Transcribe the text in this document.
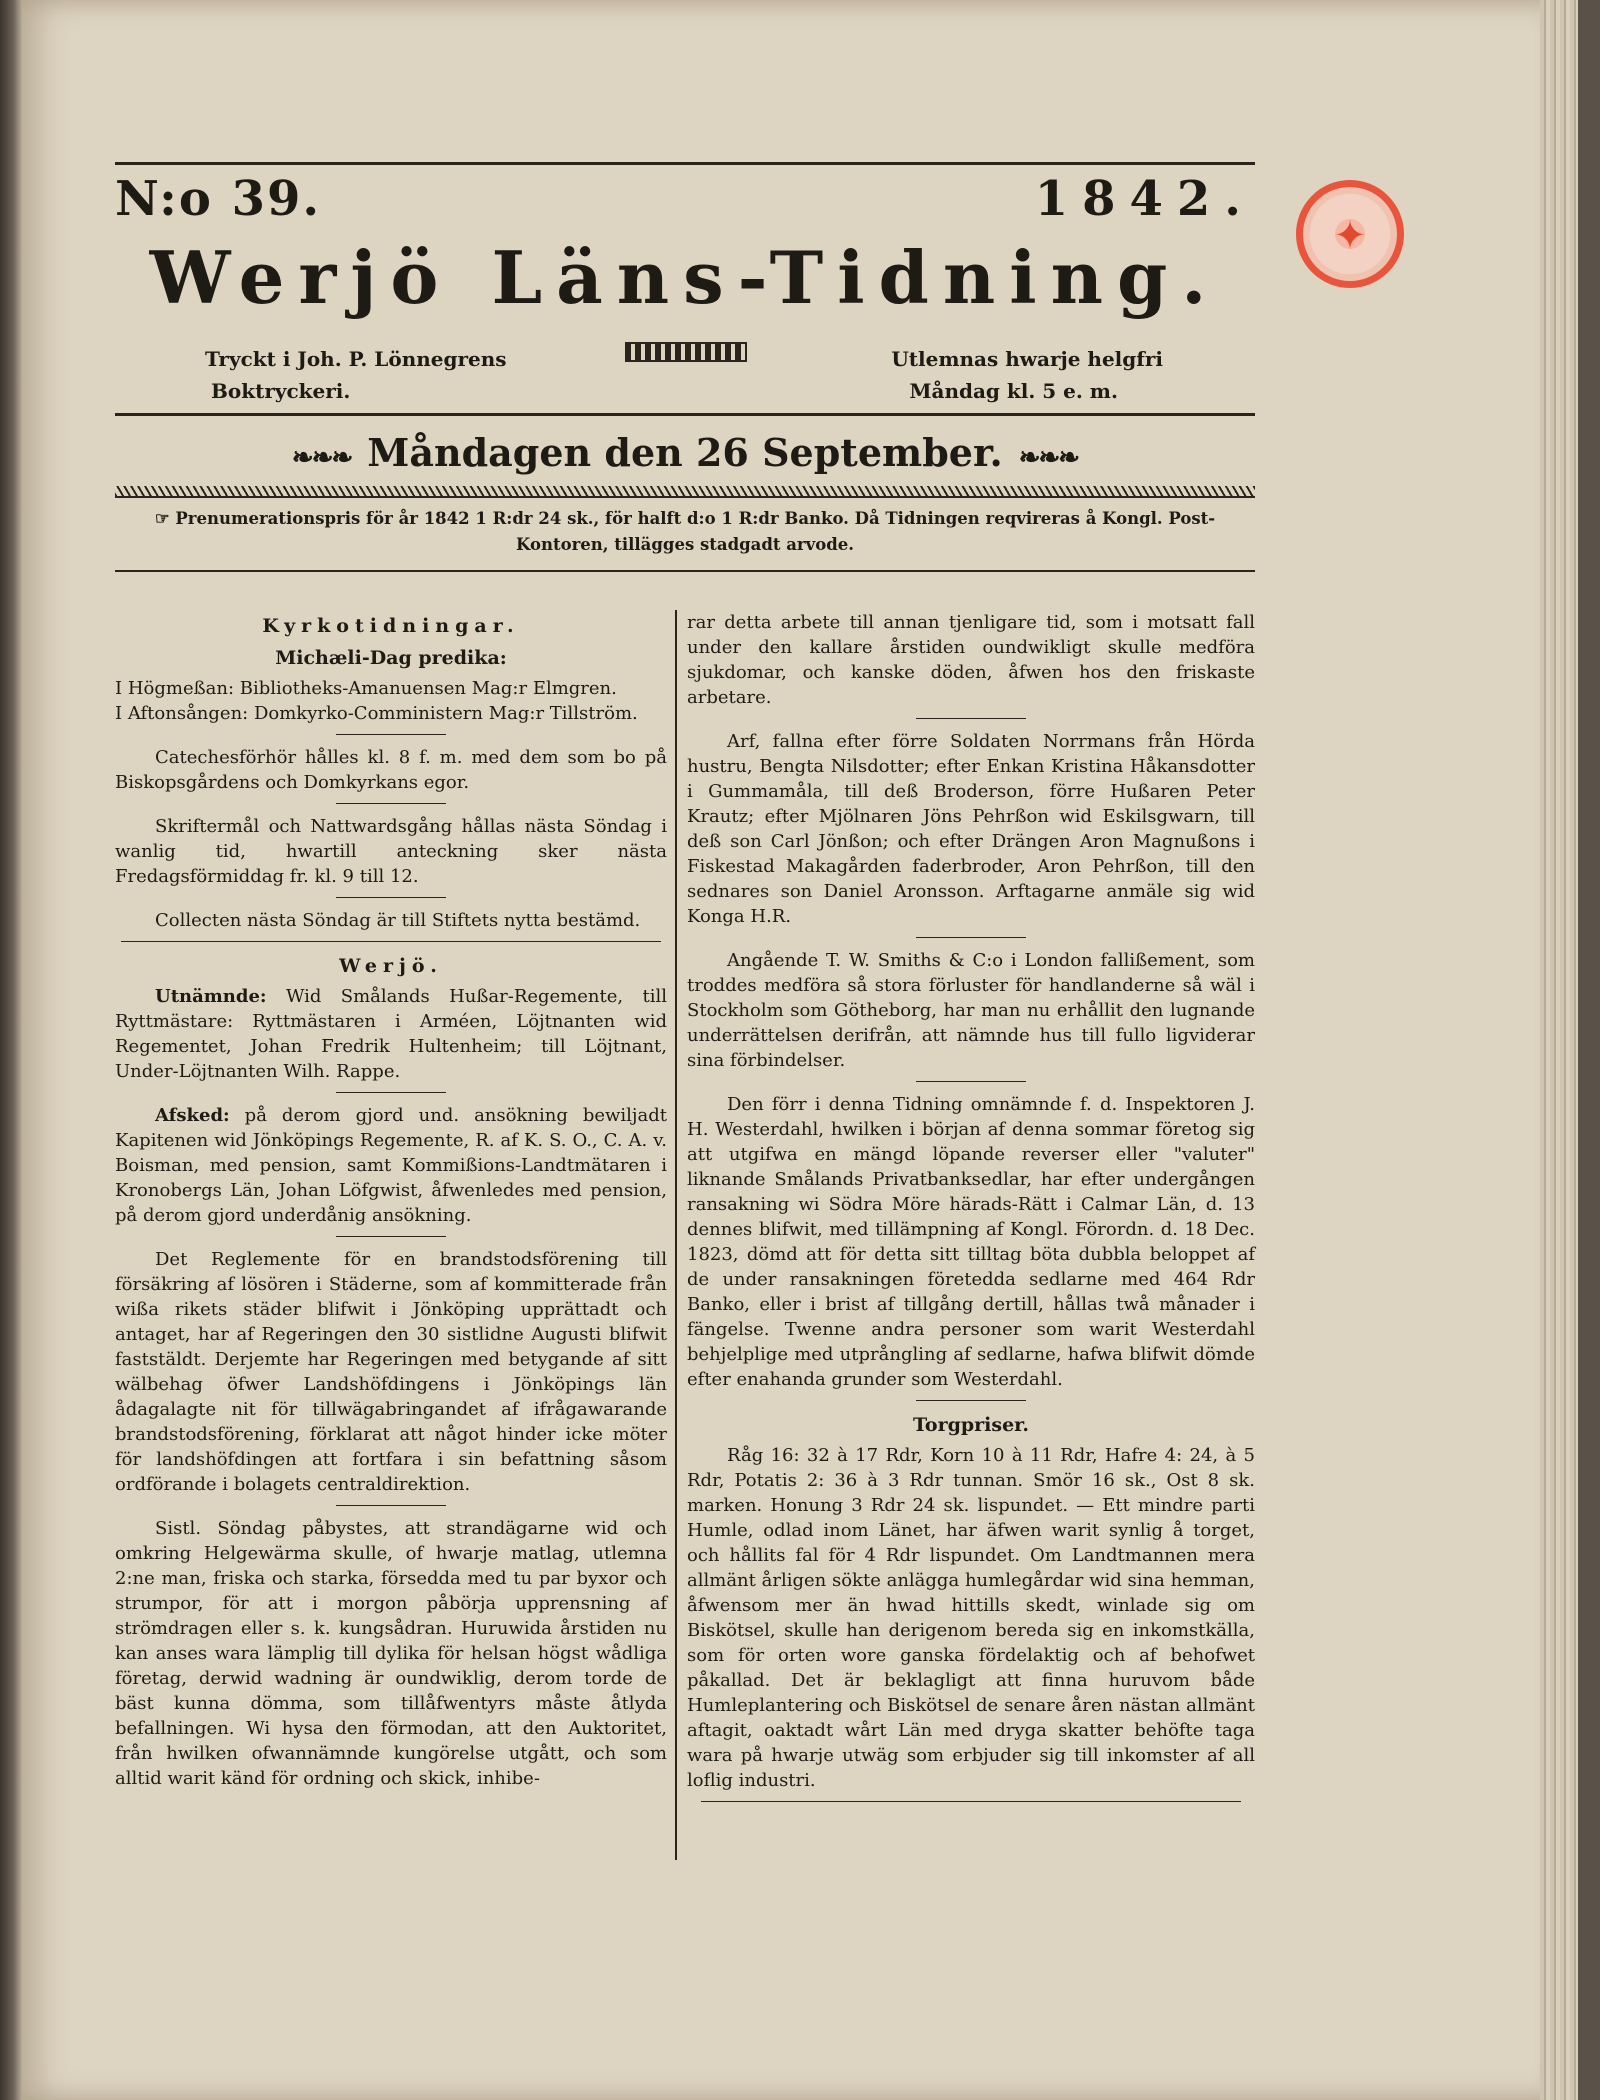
✦
N:o 39.	1842.
Werjö Läns-Tidning.
Tryckt i Joh. P. Lönnegrens
Boktryckeri.
Utlemnas hwarje helgfri
Måndag kl. 5 e. m.
❧❧❧ Måndagen den 26 September. ❧❧❧
☞ Prenumerationspris för år 1842 1 R:dr 24 sk., för halft d:o 1 R:dr Banko. Då Tidningen reqvireras å Kongl. Post-Kontoren, tillägges stadgadt arvode.
Kyrkotidningar.
Michæli-Dag predika:

I Högmeßan: Bibliotheks-Amanuensen Mag:r Elmgren.

I Aftonsången: Domkyrko-Comministern Mag:r Tillström.

Catechesförhör hålles kl. 8 f. m. med dem som bo på Biskopsgårdens och Domkyrkans egor.

Skriftermål och Nattwardsgång hållas nästa Söndag i wanlig tid, hwartill anteckning sker nästa Fredagsförmiddag fr. kl. 9 till 12.

Collecten nästa Söndag är till Stiftets nytta bestämd.

Werjö.

Utnämnde: Wid Smålands Hußar-Regemente, till Ryttmästare: Ryttmästaren i Arméen, Löjtnanten wid Regementet, Johan Fredrik Hultenheim; till Löjtnant, Under-Löjtnanten Wilh. Rappe.

Afsked: på derom gjord und. ansökning bewiljadt Kapitenen wid Jönköpings Regemente, R. af K. S. O., C. A. v. Boisman, med pension, samt Kommißions-Landtmätaren i Kronobergs Län, Johan Löfgwist, åfwenledes med pension, på derom gjord underdånig ansökning.

Det Reglemente för en brandstodsförening till försäkring af lösören i Städerne, som af kommitterade från wißa rikets städer blifwit i Jönköping upprättadt och antaget, har af Regeringen den 30 sistlidne Augusti blifwit faststäldt. Derjemte har Regeringen med betygande af sitt wälbehag öfwer Landshöfdingens i Jönköpings län ådagalagte nit för tillwägabringandet af ifrågawarande brandstodsförening, förklarat att något hinder icke möter för landshöfdingen att fortfara i sin befattning såsom ordförande i bolagets centraldirektion.

Sistl. Söndag påbystes, att strandägarne wid och omkring Helgewärma skulle, of hwarje matlag, utlemna 2:ne man, friska och starka, försedda med tu par byxor och strumpor, för att i morgon påbörja upprensning af strömdragen eller s. k. kungsådran. Huruwida årstiden nu kan anses wara lämplig till dylika för helsan högst wådliga företag, derwid wadning är oundwiklig, derom torde de bäst kunna dömma, som tillåfwentyrs måste åtlyda befallningen. Wi hysa den förmodan, att den Auktoritet, från hwilken ofwannämnde kungörelse utgått, och som alltid warit känd för ordning och skick, inhibe-

rar detta arbete till annan tjenligare tid, som i motsatt fall under den kallare årstiden oundwikligt skulle medföra sjukdomar, och kanske döden, åfwen hos den friskaste arbetare.

Arf, fallna efter förre Soldaten Norrmans från Hörda hustru, Bengta Nilsdotter; efter Enkan Kristina Håkansdotter i Gummamåla, till deß Broderson, förre Hußaren Peter Krautz; efter Mjölnaren Jöns Pehrßon wid Eskilsgwarn, till deß son Carl Jönßon; och efter Drängen Aron Magnußons i Fiskestad Makagården faderbroder, Aron Pehrßon, till den sednares son Daniel Aronsson. Arftagarne anmäle sig wid Konga H.R.

Angående T. W. Smiths & C:o i London fallißement, som troddes medföra så stora förluster för handlanderne så wäl i Stockholm som Götheborg, har man nu erhållit den lugnande underrättelsen derifrån, att nämnde hus till fullo ligviderar sina förbindelser.

Den förr i denna Tidning omnämnde f. d. Inspektoren J. H. Westerdahl, hwilken i början af denna sommar företog sig att utgifwa en mängd löpande reverser eller "valuter" liknande Smålands Privatbanksedlar, har efter undergången ransakning wi Södra Möre härads-Rätt i Calmar Län, d. 13 dennes blifwit, med tillämpning af Kongl. Förordn. d. 18 Dec. 1823, dömd att för detta sitt tilltag böta dubbla beloppet af de under ransakningen företedda sedlarne med 464 Rdr Banko, eller i brist af tillgång dertill, hållas twå månader i fängelse. Twenne andra personer som warit Westerdahl behjelplige med utprångling af sedlarne, hafwa blifwit dömde efter enahanda grunder som Westerdahl.

Torgpriser.

Råg 16: 32 à 17 Rdr, Korn 10 à 11 Rdr, Hafre 4: 24, à 5 Rdr, Potatis 2: 36 à 3 Rdr tunnan. Smör 16 sk., Ost 8 sk. marken. Honung 3 Rdr 24 sk. lispundet. — Ett mindre parti Humle, odlad inom Länet, har äfwen warit synlig å torget, och hållits fal för 4 Rdr lispundet. Om Landtmannen mera allmänt årligen sökte anlägga humlegårdar wid sina hemman, åfwensom mer än hwad hittills skedt, winlade sig om Biskötsel, skulle han derigenom bereda sig en inkomstkälla, som för orten wore ganska fördelaktig och af behofwet påkallad. Det är beklagligt att finna huruvom både Humleplantering och Biskötsel de senare åren nästan allmänt aftagit, oaktadt wårt Län med dryga skatter behöfte taga wara på hwarje utwäg som erbjuder sig till inkomster af all loflig industri.
